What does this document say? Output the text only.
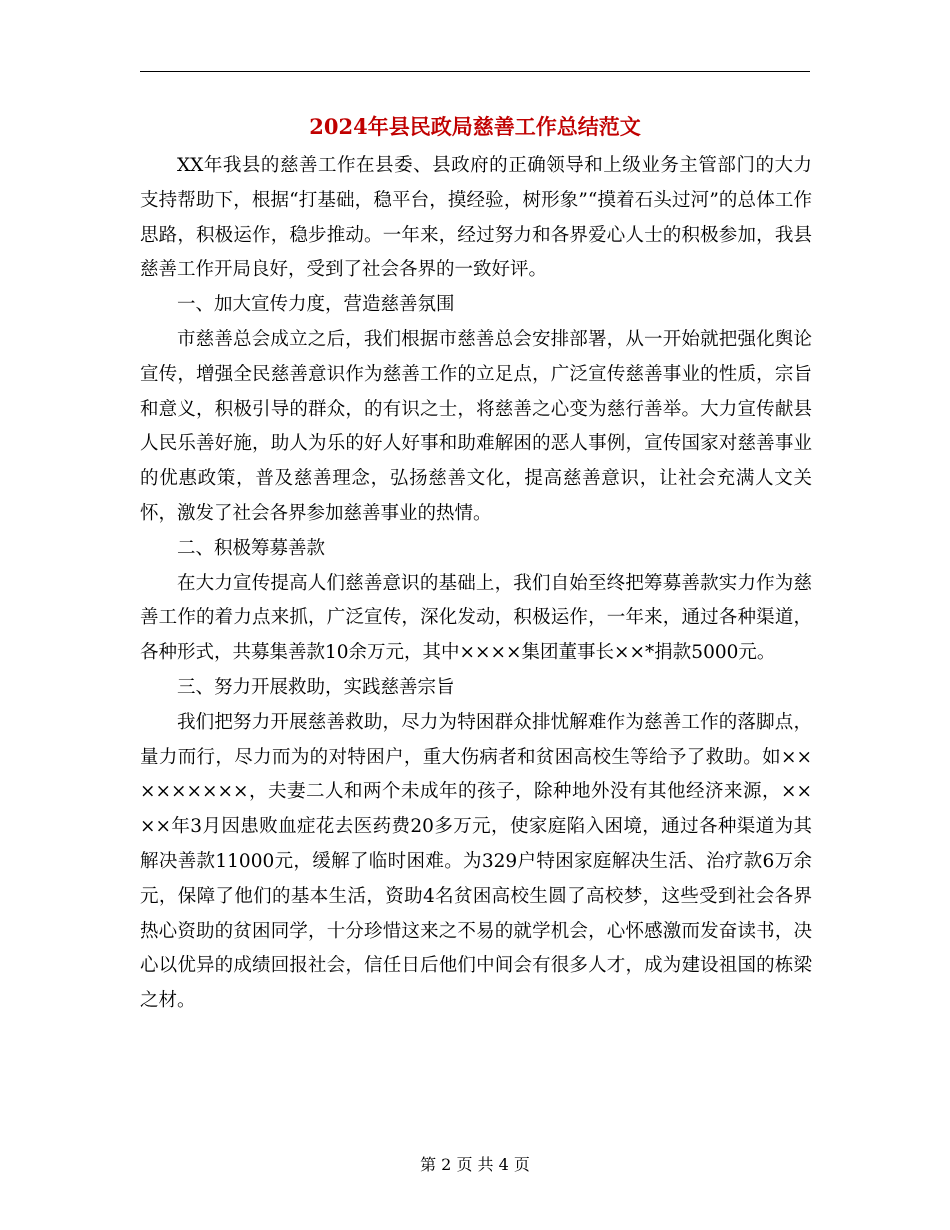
2024年县民政局慈善工作总结范文

XX年我县的慈善工作在县委、县政府的正确领导和上级业务主管部门的大力支持帮助下，根据“打基础，稳平台，摸经验，树形象”“摸着石头过河”的总体工作思路，积极运作，稳步推动。一年来，经过努力和各界爱心人士的积极参加，我县慈善工作开局良好，受到了社会各界的一致好评。

一、加大宣传力度，营造慈善氛围

市慈善总会成立之后，我们根据市慈善总会安排部署，从一开始就把强化舆论宣传，增强全民慈善意识作为慈善工作的立足点，广泛宣传慈善事业的性质，宗旨和意义，积极引导的群众，的有识之士，将慈善之心变为慈行善举。大力宣传献县人民乐善好施，助人为乐的好人好事和助难解困的恶人事例，宣传国家对慈善事业的优惠政策，普及慈善理念，弘扬慈善文化，提高慈善意识，让社会充满人文关怀，激发了社会各界参加慈善事业的热情。

二、积极筹募善款

在大力宣传提高人们慈善意识的基础上，我们自始至终把筹募善款实力作为慈善工作的着力点来抓，广泛宣传，深化发动，积极运作，一年来，通过各种渠道，各种形式，共募集善款10余万元，其中××××集团董事长××*捐款5000元。

三、努力开展救助，实践慈善宗旨

我们把努力开展慈善救助，尽力为特困群众排忧解难作为慈善工作的落脚点，量力而行，尽力而为的对特困户，重大伤病者和贫困高校生等给予了救助。如×××××××××，夫妻二人和两个未成年的孩子，除种地外没有其他经济来源，××××年3月因患败血症花去医药费20多万元，使家庭陷入困境，通过各种渠道为其解决善款11000元，缓解了临时困难。为329户特困家庭解决生活、治疗款6万余元，保障了他们的基本生活，资助4名贫困高校生圆了高校梦，这些受到社会各界热心资助的贫困同学，十分珍惜这来之不易的就学机会，心怀感激而发奋读书，决心以优异的成绩回报社会，信任日后他们中间会有很多人才，成为建设祖国的栋梁之材。

第 2 页 共 4 页
